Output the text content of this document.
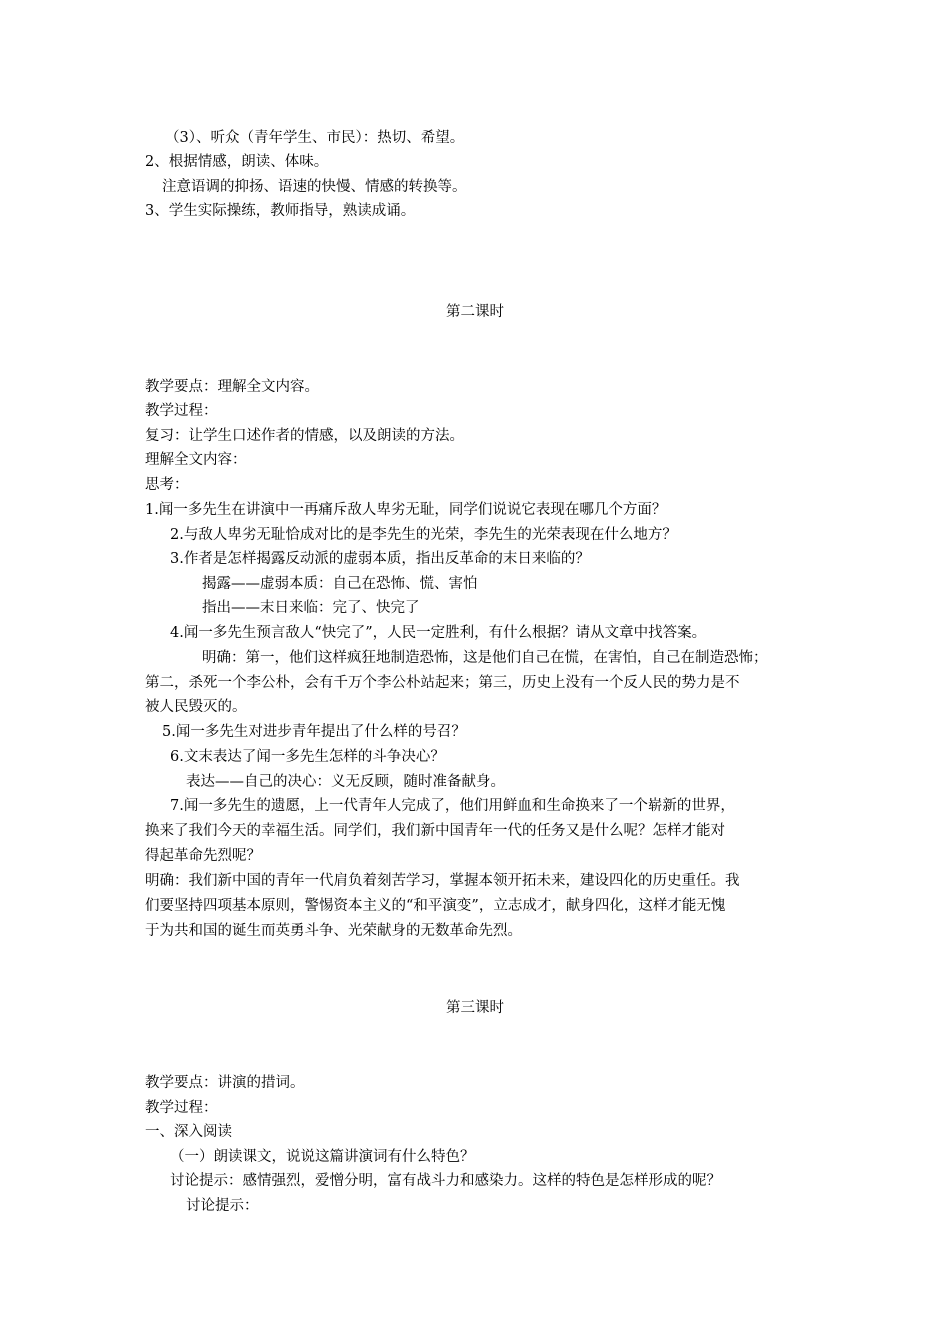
（3）、听众（青年学生、市民）：热切、希望。
2、根据情感，朗读、体味。
注意语调的抑扬、语速的快慢、情感的转换等。
3、学生实际操练，教师指导，熟读成诵。
第二课时
教学要点：理解全文内容。
教学过程：
复习：让学生口述作者的情感，以及朗读的方法。
理解全文内容：
思考：
1.闻一多先生在讲演中一再痛斥敌人卑劣无耻，同学们说说它表现在哪几个方面？
2.与敌人卑劣无耻恰成对比的是李先生的光荣，李先生的光荣表现在什么地方？
3.作者是怎样揭露反动派的虚弱本质，指出反革命的末日来临的？
揭露——虚弱本质：自己在恐怖、慌、害怕
指出——末日来临：完了、快完了
4.闻一多先生预言敌人“快完了”，人民一定胜利，有什么根据？请从文章中找答案。
明确：第一，他们这样疯狂地制造恐怖，这是他们自己在慌，在害怕，自己在制造恐怖；
第二，杀死一个李公朴，会有千万个李公朴站起来；第三，历史上没有一个反人民的势力是不
被人民毁灭的。
5.闻一多先生对进步青年提出了什么样的号召？
6.文末表达了闻一多先生怎样的斗争决心？
表达——自己的决心：义无反顾，随时准备献身。
7.闻一多先生的遗愿，上一代青年人完成了，他们用鲜血和生命换来了一个崭新的世界，
换来了我们今天的幸福生活。同学们，我们新中国青年一代的任务又是什么呢？怎样才能对
得起革命先烈呢？
明确：我们新中国的青年一代肩负着刻苦学习，掌握本领开拓未来，建设四化的历史重任。我
们要坚持四项基本原则，警惕资本主义的“和平演变”，立志成才，献身四化，这样才能无愧
于为共和国的诞生而英勇斗争、光荣献身的无数革命先烈。
第三课时
教学要点：讲演的措词。
教学过程：
一、深入阅读
（一）朗读课文，说说这篇讲演词有什么特色？
讨论提示：感情强烈，爱憎分明，富有战斗力和感染力。这样的特色是怎样形成的呢？
讨论提示：
